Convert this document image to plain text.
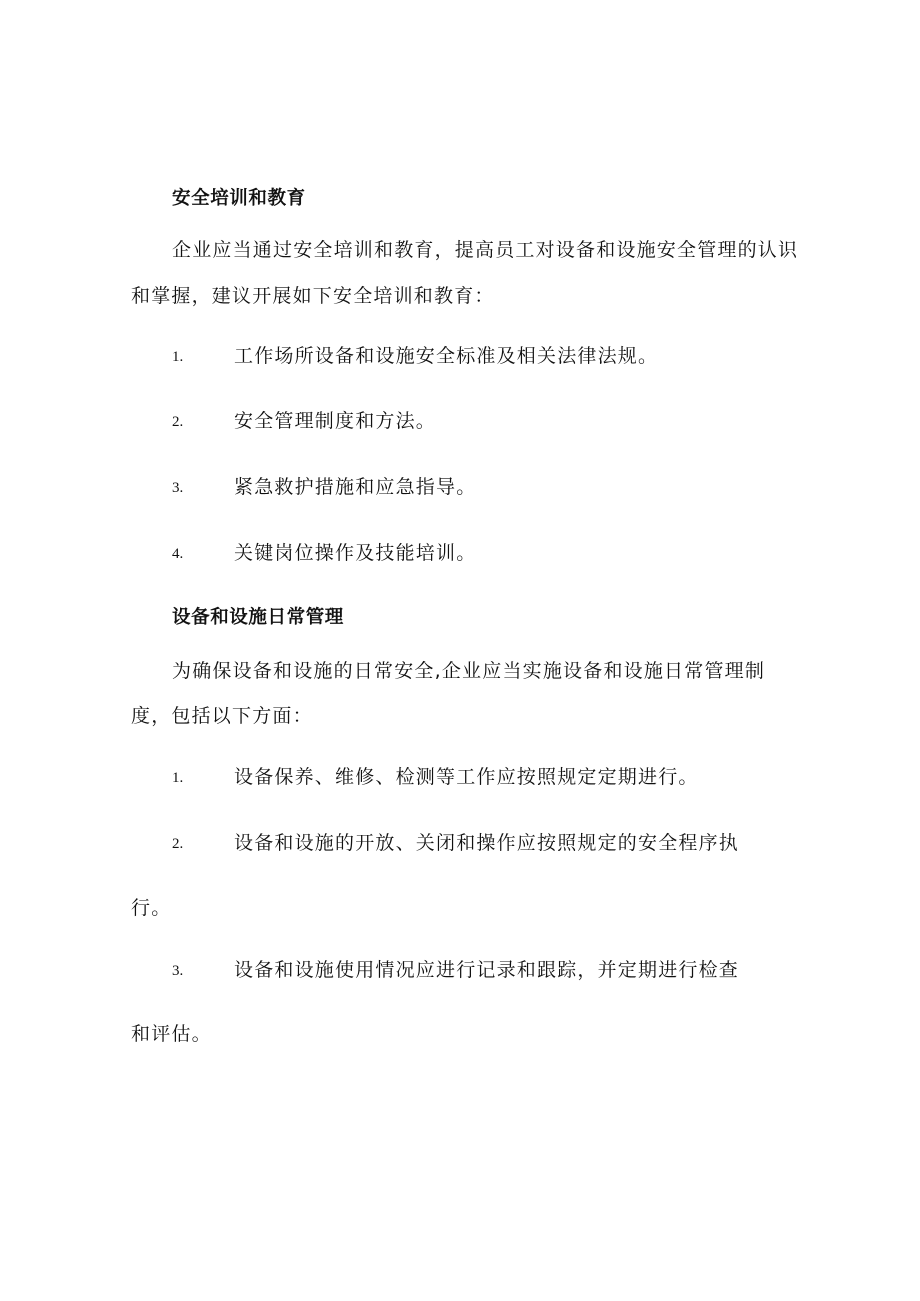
安全培训和教育
企业应当通过安全培训和教育，提高员工对设备和设施安全管理的认识
和掌握，建议开展如下安全培训和教育：
1.	工作场所设备和设施安全标准及相关法律法规。
2.	安全管理制度和方法。
3.	紧急救护措施和应急指导。
4.	关键岗位操作及技能培训。
设备和设施日常管理
为确保设备和设施的日常安全,企业应当实施设备和设施日常管理制
度，包括以下方面：
1.	设备保养、维修、检测等工作应按照规定定期进行。
2.	设备和设施的开放、关闭和操作应按照规定的安全程序执
行。
3.	设备和设施使用情况应进行记录和跟踪，并定期进行检查
和评估。
